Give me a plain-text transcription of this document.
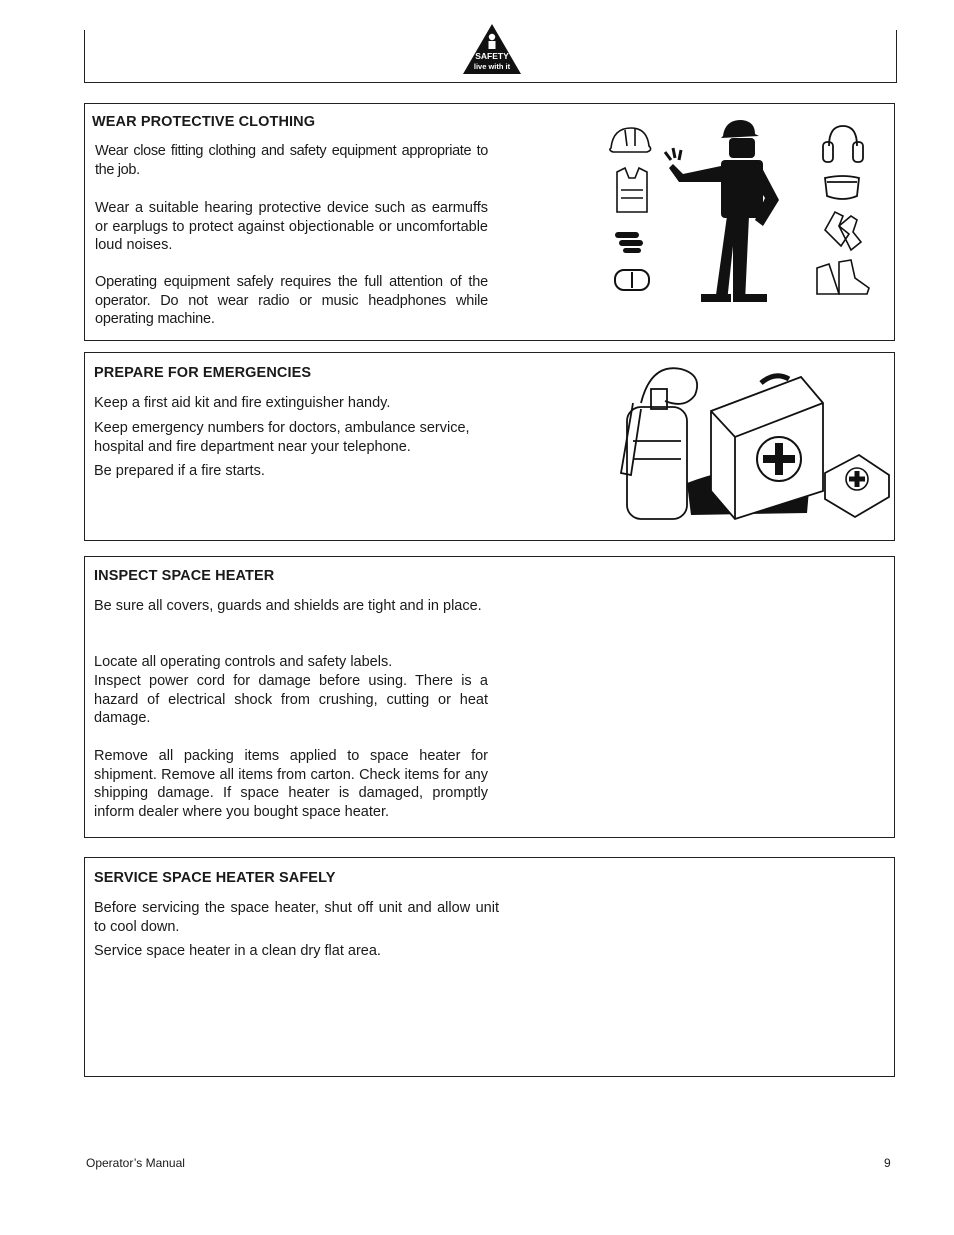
SAFETY
live with it
WEAR PROTECTIVE CLOTHING

Wear close fitting clothing and safety equipment appropriate to the job.

Wear a suitable hearing protective device such as earmuffs or earplugs to protect against objectionable or uncomfortable loud noises.

Operating equipment safely requires the full attention of the operator. Do not wear radio or music headphones while operating machine.

PREPARE FOR EMERGENCIES

Keep a first aid kit and fire extinguisher handy.

Keep emergency numbers for doctors, ambulance service, hospital and fire department near your telephone.

Be prepared if a fire starts.

INSPECT SPACE HEATER

Be sure all covers, guards and shields are tight and in place.

Locate all operating controls and safety labels.

Inspect power cord for damage before using. There is a hazard of electrical shock from crushing, cutting or heat damage.

Remove all packing items applied to space heater for shipment. Remove all items from carton. Check items for any shipping damage. If space heater is damaged, promptly inform dealer where you bought space heater.

SERVICE SPACE HEATER SAFELY

Before servicing the space heater, shut off unit and allow unit to cool down.

Service space heater in a clean dry flat area.

Operator’s Manual	9
